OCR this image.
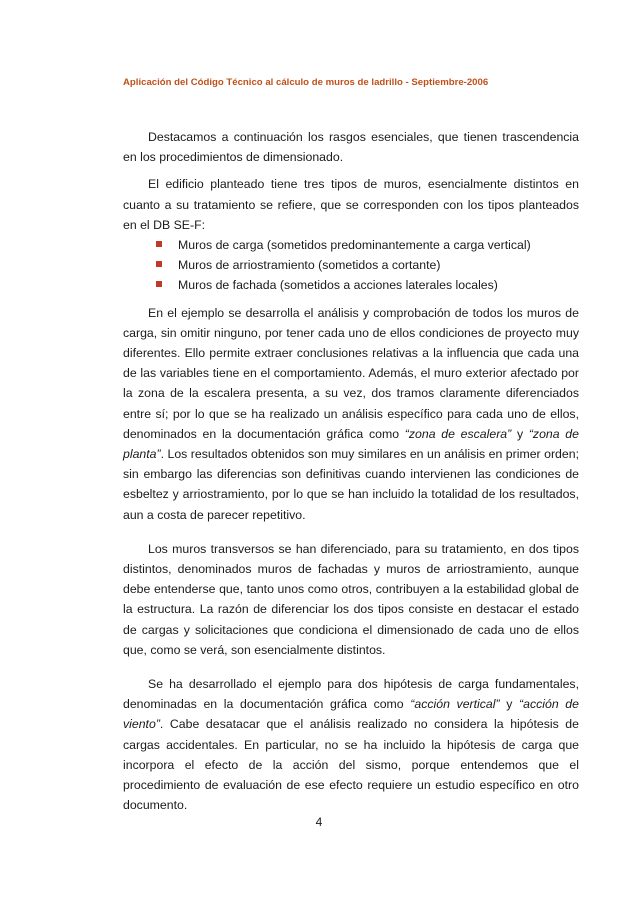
Aplicación del Código Técnico al cálculo de muros de ladrillo - Septiembre-2006

Destacamos a continuación los rasgos esenciales, que tienen trascendencia en los procedimientos de dimensionado.

El edificio planteado tiene tres tipos de muros, esencialmente distintos en cuanto a su tratamiento se refiere, que se corresponden con los tipos planteados en el DB SE-F:

Muros de carga (sometidos predominantemente a carga vertical)
Muros de arriostramiento (sometidos a cortante)
Muros de fachada (sometidos a acciones laterales locales)

En el ejemplo se desarrolla el análisis y comprobación de todos los muros de carga, sin omitir ninguno, por tener cada uno de ellos condiciones de proyecto muy diferentes. Ello permite extraer conclusiones relativas a la influencia que cada una de las variables tiene en el comportamiento. Además, el muro exterior afectado por la zona de la escalera presenta, a su vez, dos tramos claramente diferenciados entre sí; por lo que se ha realizado un análisis específico para cada uno de ellos, denominados en la documentación gráfica como “zona de escalera” y “zona de planta”. Los resultados obtenidos son muy similares en un análisis en primer orden; sin embargo las diferencias son definitivas cuando intervienen las condiciones de esbeltez y arriostramiento, por lo que se han incluido la totalidad de los resultados, aun a costa de parecer repetitivo.

Los muros transversos se han diferenciado, para su tratamiento, en dos tipos distintos, denominados muros de fachadas y muros de arriostramiento, aunque debe entenderse que, tanto unos como otros, contribuyen a la estabilidad global de la estructura. La razón de diferenciar los dos tipos consiste en destacar el estado de cargas y solicitaciones que condiciona el dimensionado de cada uno de ellos que, como se verá, son esencialmente distintos.

Se ha desarrollado el ejemplo para dos hipótesis de carga fundamentales, denominadas en la documentación gráfica como “acción vertical” y “acción de viento”. Cabe desatacar que el análisis realizado no considera la hipótesis de cargas accidentales. En particular, no se ha incluido la hipótesis de carga que incorpora el efecto de la acción del sismo, porque entendemos que el procedimiento de evaluación de ese efecto requiere un estudio específico en otro documento.

4
